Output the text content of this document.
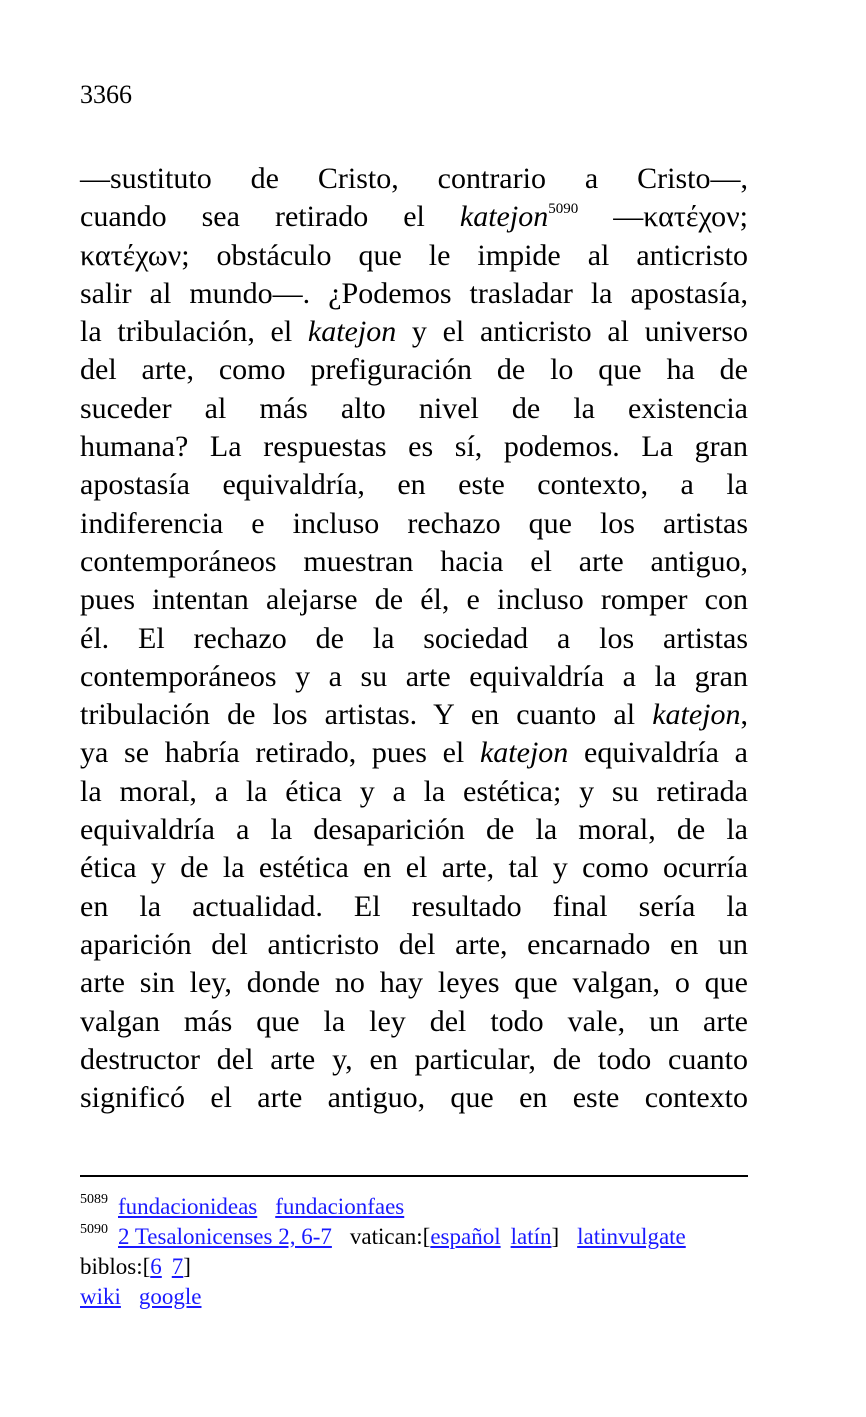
3366
—sustituto de Cristo, contrario a Cristo—,
cuando sea retirado el katejon$^{5090}$ —κατέχον;
κατέχων; obstáculo que le impide al anticristo
salir al mundo—. ¿Podemos trasladar la apostasía,
la tribulación, el katejon y el anticristo al universo
del arte, como prefiguración de lo que ha de
suceder al más alto nivel de la existencia
humana? La respuestas es sí, podemos. La gran
apostasía equivaldría, en este contexto, a la
indiferencia e incluso rechazo que los artistas
contemporáneos muestran hacia el arte antiguo,
pues intentan alejarse de él, e incluso romper con
él. El rechazo de la sociedad a los artistas
contemporáneos y a su arte equivaldría a la gran
tribulación de los artistas. Y en cuanto al katejon,
ya se habría retirado, pues el katejon equivaldría a
la moral, a la ética y a la estética; y su retirada
equivaldría a la desaparición de la moral, de la
ética y de la estética en el arte, tal y como ocurría
en la actualidad. El resultado final sería la
aparición del anticristo del arte, encarnado en un
arte sin ley, donde no hay leyes que valgan, o que
valgan más que la ley del todo vale, un arte
destructor del arte y, en particular, de todo cuanto
significó el arte antiguo, que en este contexto
$^{5089}$ fundacionideas fundacionfaes
$^{5090}$ 2 Tesalonicenses 2, 6-7 vatican:[español latín] latinvulgate
biblos:[6 7]
wiki google
